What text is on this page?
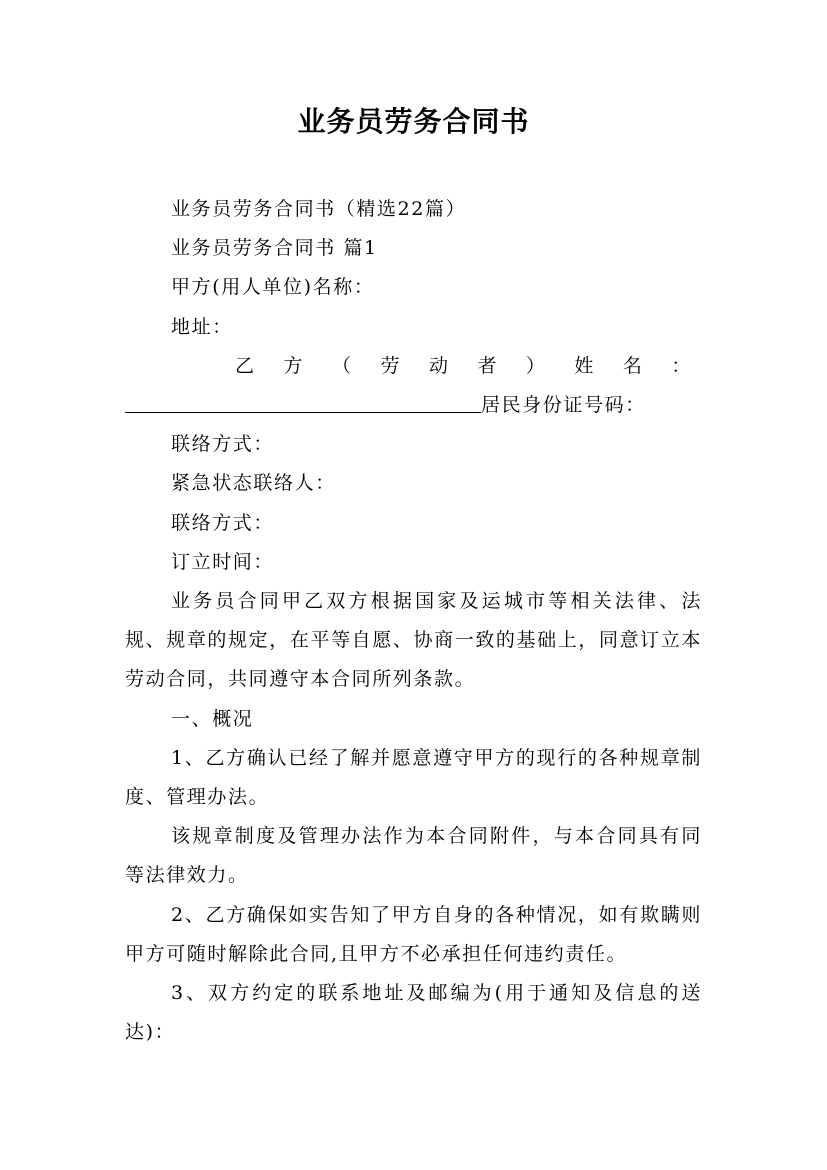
业务员劳务合同书

业务员劳务合同书（精选22篇）

业务员劳务合同书 篇1

甲方(用人单位)名称：

地址：

乙 方 （ 劳 动 者 ） 姓 名 ：

居民身份证号码：

联络方式：

紧急状态联络人：

联络方式：

订立时间：

业务员合同甲乙双方根据国家及运城市等相关法律、法规、规章的规定，在平等自愿、协商一致的基础上，同意订立本劳动合同，共同遵守本合同所列条款。

一、概况

1、乙方确认已经了解并愿意遵守甲方的现行的各种规章制度、管理办法。

该规章制度及管理办法作为本合同附件，与本合同具有同等法律效力。

2、乙方确保如实告知了甲方自身的各种情况，如有欺瞒则甲方可随时解除此合同,且甲方不必承担任何违约责任。

3、双方约定的联系地址及邮编为(用于通知及信息的送达)：
